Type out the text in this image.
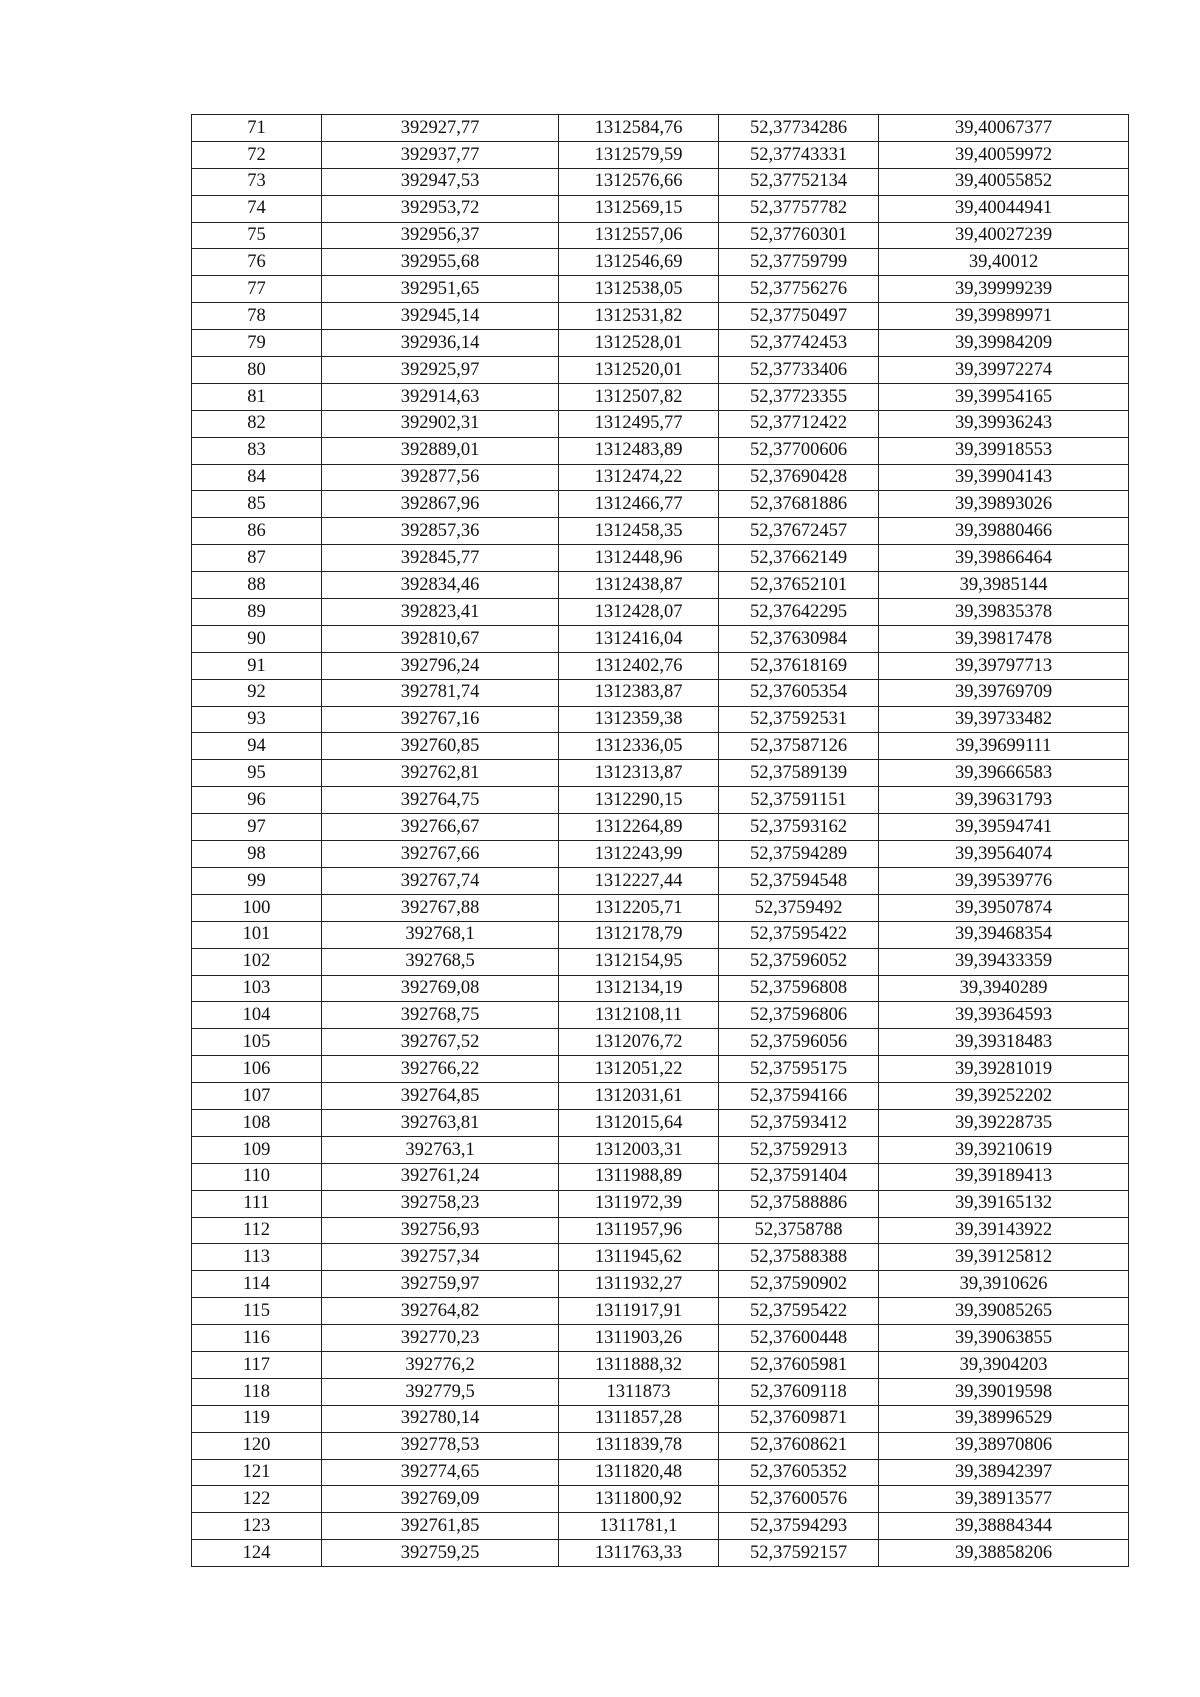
71	392927,77	1312584,76	52,37734286	39,40067377
72	392937,77	1312579,59	52,37743331	39,40059972
73	392947,53	1312576,66	52,37752134	39,40055852
74	392953,72	1312569,15	52,37757782	39,40044941
75	392956,37	1312557,06	52,37760301	39,40027239
76	392955,68	1312546,69	52,37759799	39,40012
77	392951,65	1312538,05	52,37756276	39,39999239
78	392945,14	1312531,82	52,37750497	39,39989971
79	392936,14	1312528,01	52,37742453	39,39984209
80	392925,97	1312520,01	52,37733406	39,39972274
81	392914,63	1312507,82	52,37723355	39,39954165
82	392902,31	1312495,77	52,37712422	39,39936243
83	392889,01	1312483,89	52,37700606	39,39918553
84	392877,56	1312474,22	52,37690428	39,39904143
85	392867,96	1312466,77	52,37681886	39,39893026
86	392857,36	1312458,35	52,37672457	39,39880466
87	392845,77	1312448,96	52,37662149	39,39866464
88	392834,46	1312438,87	52,37652101	39,3985144
89	392823,41	1312428,07	52,37642295	39,39835378
90	392810,67	1312416,04	52,37630984	39,39817478
91	392796,24	1312402,76	52,37618169	39,39797713
92	392781,74	1312383,87	52,37605354	39,39769709
93	392767,16	1312359,38	52,37592531	39,39733482
94	392760,85	1312336,05	52,37587126	39,39699111
95	392762,81	1312313,87	52,37589139	39,39666583
96	392764,75	1312290,15	52,37591151	39,39631793
97	392766,67	1312264,89	52,37593162	39,39594741
98	392767,66	1312243,99	52,37594289	39,39564074
99	392767,74	1312227,44	52,37594548	39,39539776
100	392767,88	1312205,71	52,3759492	39,39507874
101	392768,1	1312178,79	52,37595422	39,39468354
102	392768,5	1312154,95	52,37596052	39,39433359
103	392769,08	1312134,19	52,37596808	39,3940289
104	392768,75	1312108,11	52,37596806	39,39364593
105	392767,52	1312076,72	52,37596056	39,39318483
106	392766,22	1312051,22	52,37595175	39,39281019
107	392764,85	1312031,61	52,37594166	39,39252202
108	392763,81	1312015,64	52,37593412	39,39228735
109	392763,1	1312003,31	52,37592913	39,39210619
110	392761,24	1311988,89	52,37591404	39,39189413
111	392758,23	1311972,39	52,37588886	39,39165132
112	392756,93	1311957,96	52,3758788	39,39143922
113	392757,34	1311945,62	52,37588388	39,39125812
114	392759,97	1311932,27	52,37590902	39,3910626
115	392764,82	1311917,91	52,37595422	39,39085265
116	392770,23	1311903,26	52,37600448	39,39063855
117	392776,2	1311888,32	52,37605981	39,3904203
118	392779,5	1311873	52,37609118	39,39019598
119	392780,14	1311857,28	52,37609871	39,38996529
120	392778,53	1311839,78	52,37608621	39,38970806
121	392774,65	1311820,48	52,37605352	39,38942397
122	392769,09	1311800,92	52,37600576	39,38913577
123	392761,85	1311781,1	52,37594293	39,38884344
124	392759,25	1311763,33	52,37592157	39,38858206
